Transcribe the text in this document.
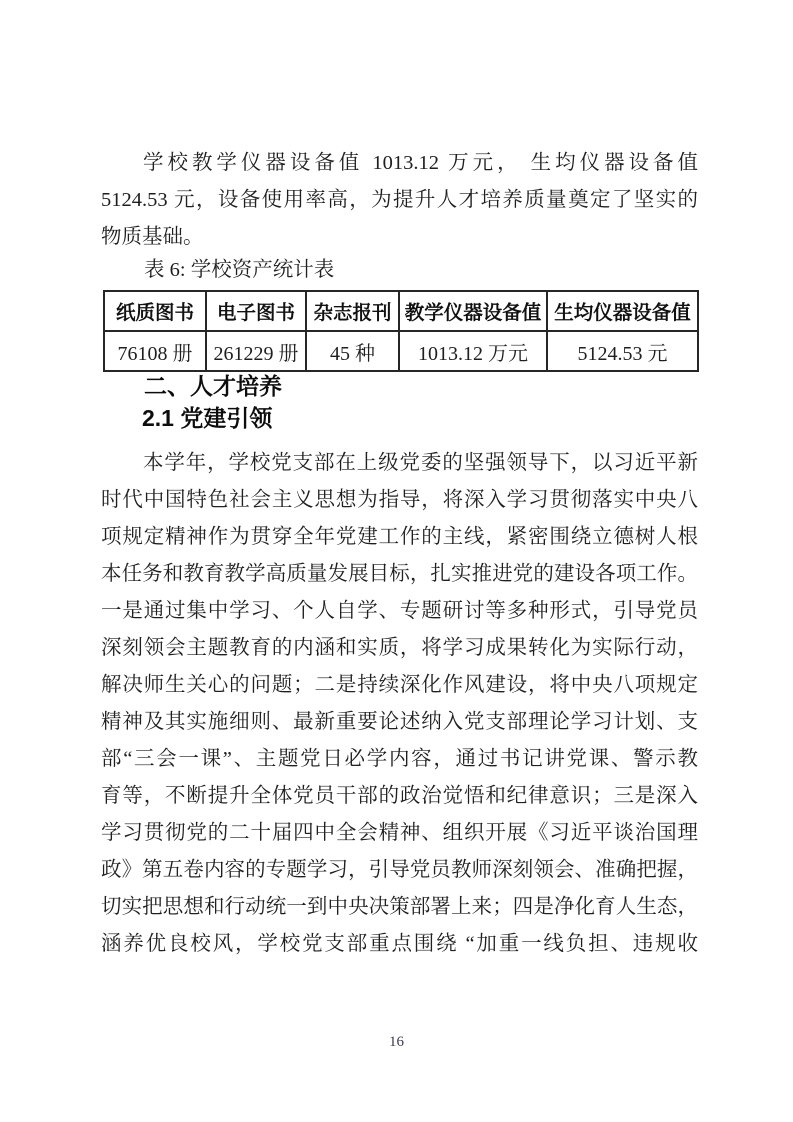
学校教学仪器设备值 1013.12 万元， 生均仪器设备值
5124.53 元，设备使用率高，为提升人才培养质量奠定了坚实的
物质基础。
表 6: 学校资产统计表
纸质图书	电子图书	杂志报刊	教学仪器设备值	生均仪器设备值
76108 册	261229 册	45 种	1013.12 万元	5124.53 元
二、人才培养
2.1 党建引领
本学年，学校党支部在上级党委的坚强领导下，以习近平新
时代中国特色社会主义思想为指导，将深入学习贯彻落实中央八
项规定精神作为贯穿全年党建工作的主线，紧密围绕立德树人根
本任务和教育教学高质量发展目标，扎实推进党的建设各项工作。
一是通过集中学习、个人自学、专题研讨等多种形式，引导党员
深刻领会主题教育的内涵和实质，将学习成果转化为实际行动，
解决师生关心的问题；二是持续深化作风建设，将中央八项规定
精神及其实施细则、最新重要论述纳入党支部理论学习计划、支
部“三会一课”、主题党日必学内容，通过书记讲党课、警示教
育等，不断提升全体党员干部的政治觉悟和纪律意识；三是深入
学习贯彻党的二十届四中全会精神、组织开展《习近平谈治国理
政》第五卷内容的专题学习，引导党员教师深刻领会、准确把握，
切实把思想和行动统一到中央决策部署上来；四是净化育人生态，
涵养优良校风，学校党支部重点围绕 “加重一线负担、违规收
16
